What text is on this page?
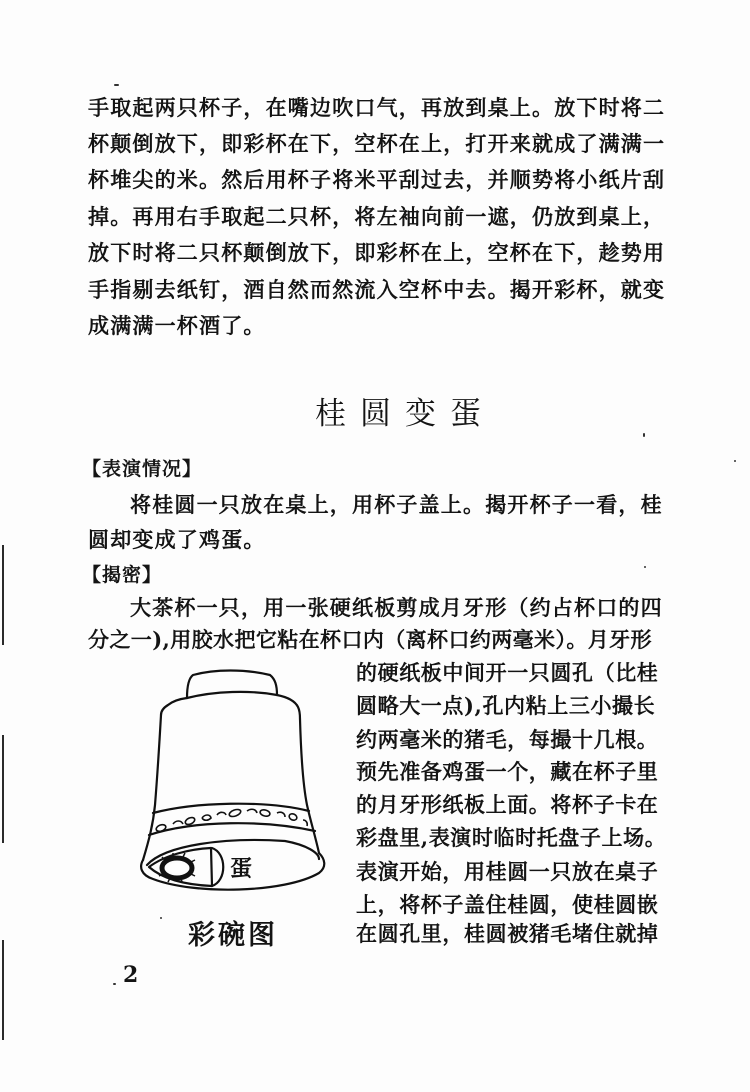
手取起两只杯子，在嘴边吹口气，再放到桌上。放下时将二
杯颠倒放下，即彩杯在下，空杯在上，打开来就成了满满一
杯堆尖的米。然后用杯子将米平刮过去，并顺势将小纸片刮
掉。再用右手取起二只杯，将左袖向前一遮，仍放到桌上，
放下时将二只杯颠倒放下，即彩杯在上，空杯在下，趁势用
手指剔去纸钉，酒自然而然流入空杯中去。揭开彩杯，就变
成满满一杯酒了。
桂圆变蛋
【表演情况】
将桂圆一只放在桌上，用杯子盖上。揭开杯子一看，桂
圆却变成了鸡蛋。
【揭密】
大茶杯一只，用一张硬纸板剪成月牙形（约占杯口的四
分之一),用胶水把它粘在杯口内（离杯口约两毫米）。月牙形
的硬纸板中间开一只圆孔（比桂
圆略大一点),孔内粘上三小撮长
约两毫米的猪毛，每撮十几根。
预先准备鸡蛋一个，藏在杯子里
的月牙形纸板上面。将杯子卡在
彩盘里,表演时临时托盘子上场。
表演开始，用桂圆一只放在桌子
上，将杯子盖住桂圆，使桂圆嵌
在圆孔里，桂圆被猪毛堵住就掉
蛋
彩碗图
2
